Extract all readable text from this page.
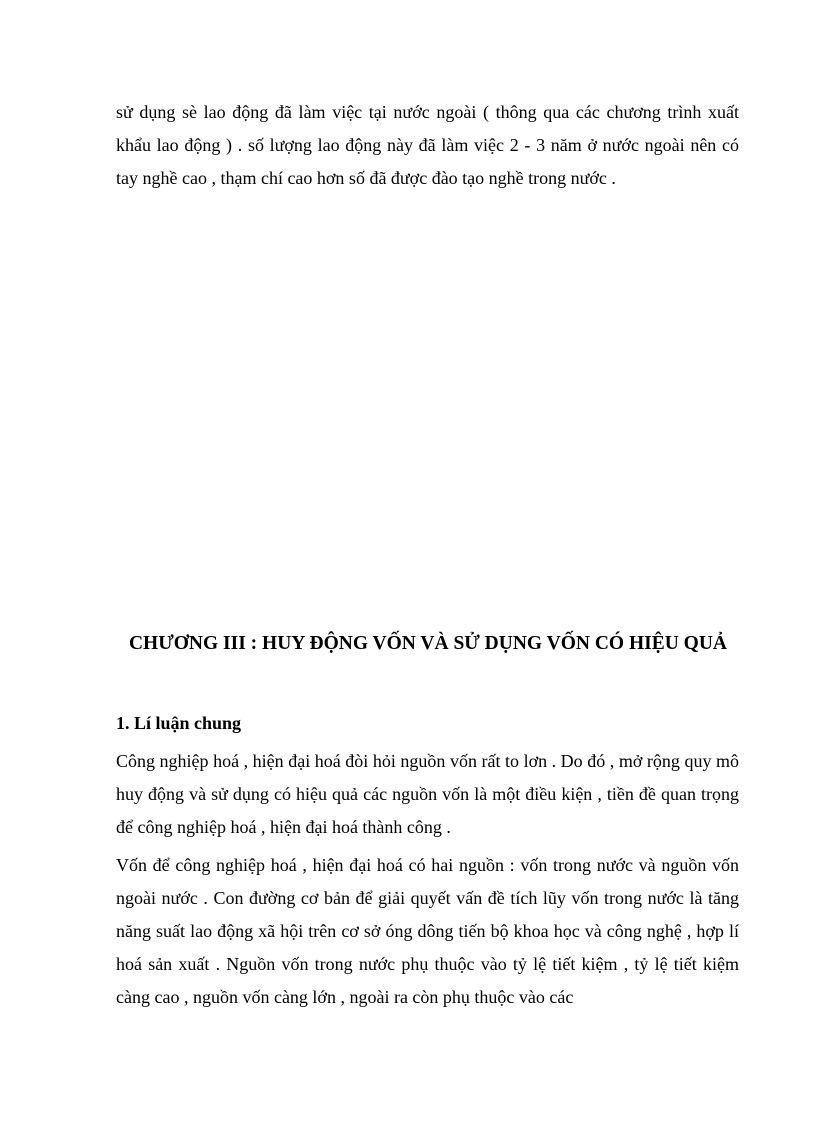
sử dụng sè lao động đã làm việc tại nước ngoài ( thông qua các chương trình xuất khẩu lao động ) . số lượng lao động này đã làm việc 2 - 3 năm ở nước ngoài nên có tay nghề cao , thạm chí cao hơn số đã được đào tạo nghề trong nước .

CHƯƠNG III : HUY ĐỘNG VỐN VÀ SỬ DỤNG VỐN CÓ HIỆU QUẢ
1. Lí luận chung

Công nghiệp hoá , hiện đại hoá đòi hỏi nguồn vốn rất to lơn . Do đó , mở rộng quy mô huy động và sử dụng có hiệu quả các nguồn vốn là một điều kiện , tiền đề quan trọng để công nghiệp hoá , hiện đại hoá thành công .

Vốn để công nghiệp hoá , hiện đại hoá có hai nguồn : vốn trong nước và nguồn vốn ngoài nước . Con đường cơ bản để giải quyết vấn đề tích lũy vốn trong nước là tăng năng suất lao động xã hội trên cơ sở óng dông tiến bộ khoa học và công nghệ , hợp lí hoá sản xuất . Nguồn vốn trong nước phụ thuộc vào tỷ lệ tiết kiệm , tỷ lệ tiết kiệm càng cao , nguồn vốn càng lớn , ngoài ra còn phụ thuộc vào các
